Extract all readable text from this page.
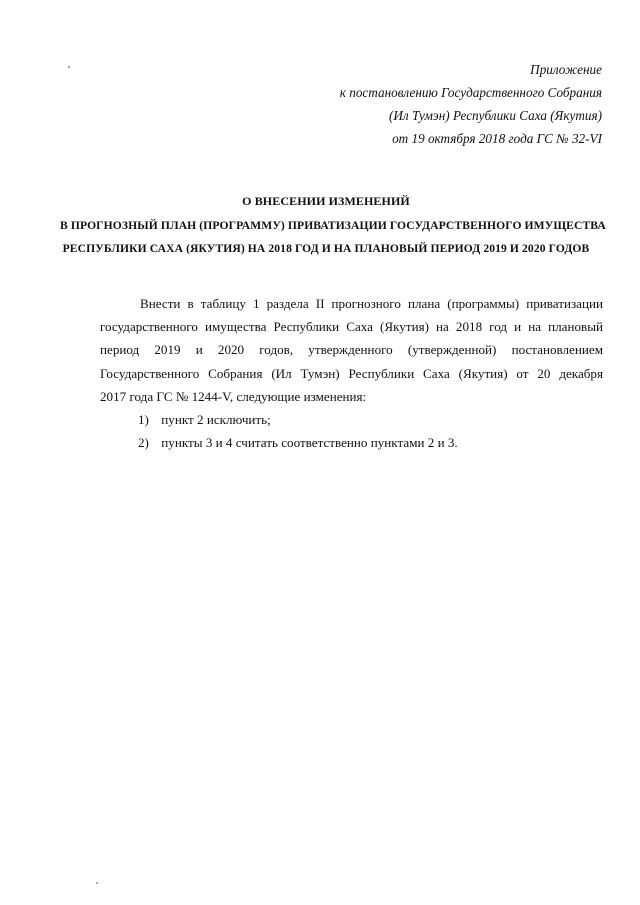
Приложение
к постановлению Государственного Собрания
(Ил Тумэн) Республики Саха (Якутия)
от 19 октября 2018 года ГС № 32-VI
О ВНЕСЕНИИ ИЗМЕНЕНИЙ
В ПРОГНОЗНЫЙ ПЛАН (ПРОГРАММУ) ПРИВАТИЗАЦИИ ГОСУДАРСТВЕННОГО ИМУЩЕСТВА
РЕСПУБЛИКИ САХА (ЯКУТИЯ) НА 2018 ГОД И НА ПЛАНОВЫЙ ПЕРИОД 2019 И 2020 ГОДОВ

Внести в таблицу 1 раздела II прогнозного плана (программы) приватизации
государственного имущества Республики Саха (Якутия) на 2018 год и на плановый
период 2019 и 2020 годов, утвержденного (утвержденной) постановлением
Государственного Собрания (Ил Тумэн) Республики Саха (Якутия) от 20 декабря
2017 года ГС № 1244-V, следующие изменения:

1) пункт 2 исключить;
2) пункты 3 и 4 считать соответственно пунктами 2 и 3.
